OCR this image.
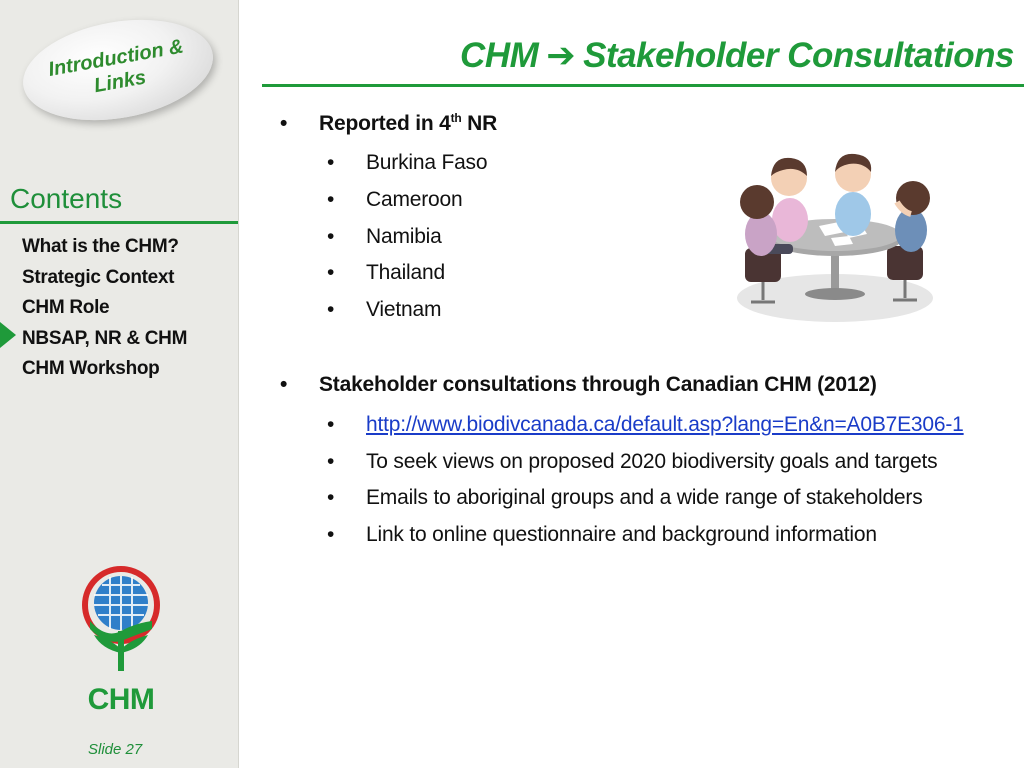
Introduction & Links
Contents
What is the CHM?
Strategic Context
CHM Role
NBSAP, NR & CHM
CHM Workshop
CHM
Slide 27
CHM ➔ Stakeholder Consultations
• Reported in 4th NR
• Burkina Faso
• Cameroon
• Namibia
• Thailand
• Vietnam
• Stakeholder consultations through Canadian CHM (2012)
• http://www.biodivcanada.ca/default.asp?lang=En&n=A0B7E306-1
• To seek views on proposed 2020 biodiversity goals and targets
• Emails to aboriginal groups and a wide range of stakeholders
• Link to online questionnaire and background information
